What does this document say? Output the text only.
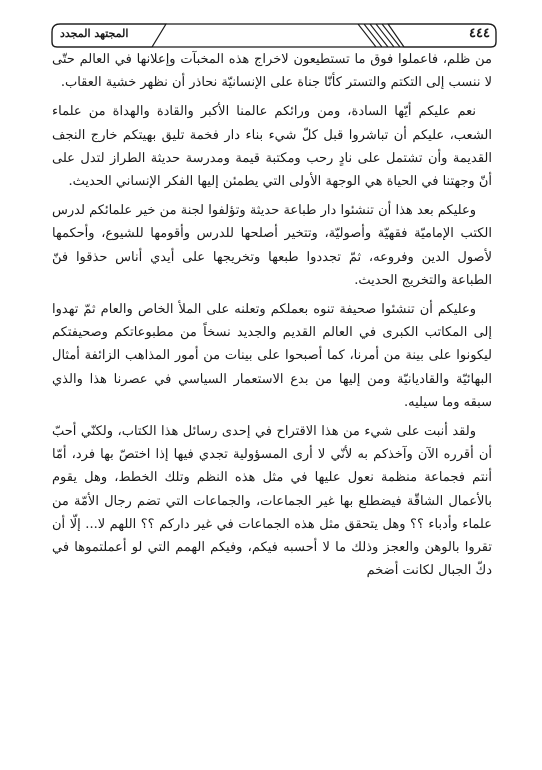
٤٤٤
المجتهد المجدد

من ظلم، فاعملوا فوق ما تستطيعون لاخراج هذه المخبآت وإعلانها في العالم حتّى لا ننسب إلى التكتم والتستر كأنّا جناة على الإنسانيّة نحاذر أن نظهر خشية العقاب.

نعم عليكم أيّها السادة، ومن ورائكم عالمنا الأكبر والقادة والهداة من علماء الشعب، عليكم أن تباشروا قبل كلّ شيء بناء دار فخمة تليق بهيتكم خارج النجف القديمة وأن تشتمل على نادٍ رحب ومكتبة قيمة ومدرسة حديثة الطراز لتدل على أنّ وجهتنا في الحياة هي الوجهة الأولى التي يطمئن إليها الفكر الإنساني الحديث.

وعليكم بعد هذا أن تنشئوا دار طباعة حديثة وتؤلفوا لجنة من خير علمائكم لدرس الكتب الإماميّة فقهيّة وأصوليّة، وتتخير أصلحها للدرس وأقومها للشيوع، وأحكمها لأصول الدين وفروعه، ثمّ تجددوا طبعها وتخريجها على أيدي أناس حذقوا فنّ الطباعة والتخريج الحديث.

وعليكم أن تنشئوا صحيفة تنوه بعملكم وتعلنه على الملأ الخاص والعام ثمّ تهدوا إلى المكاتب الكبرى في العالم القديم والجديد نسخاً من مطبوعاتكم وصحيفتكم ليكونوا على بينة من أمرنا، كما أصبحوا على بينات من أمور المذاهب الزائفة أمثال البهائيّة والقاديانيّة ومن إليها من بدع الاستعمار السياسي في عصرنا هذا والذي سبقه وما سيليه.

ولقد أنبت على شيء من هذا الاقتراح في إحدى رسائل هذا الكتاب، ولكنّي أحبّ أن أقرره الآن وآخذكم به لأنّي لا أرى المسؤولية تجدي فيها إذا اختصّ بها فرد، أمّا أنتم فجماعة منظمة نعول عليها في مثل هذه النظم وتلك الخطط، وهل يقوم بالأعمال الشاقّة فيضطلع بها غير الجماعات، والجماعات التي تضم رجال الأمّة من علماء وأدباء ؟؟ وهل يتحقق مثل هذه الجماعات في غير داركم ؟؟ اللهم لا... إلّا أن تقروا بالوهن والعجز وذلك ما لا أحسبه فيكم، وفيكم الهمم التي لو أعملتموها في دكّ الجبال لكانت أضخم
